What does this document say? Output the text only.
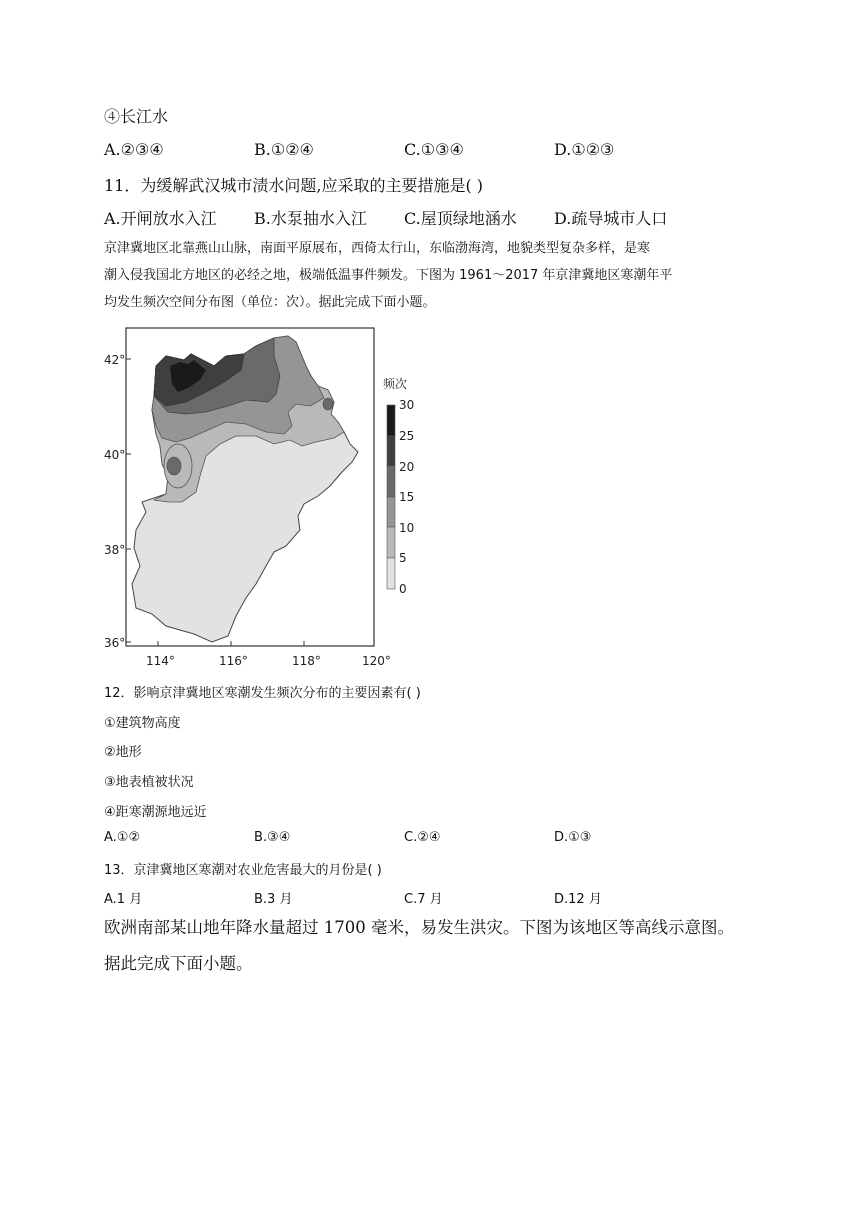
④长江水
A.②③④	B.①②④	C.①③④	D.①②③
11．为缓解武汉城市渍水问题,应采取的主要措施是( )
A.开闸放水入江 B.水泵抽水入江 C.屋顶绿地涵水 D.疏导城市人口
京津冀地区北靠燕山山脉，南面平原展布，西倚太行山，东临渤海湾，地貌类型复杂多样，是寒
潮入侵我国北方地区的必经之地，极端低温事件频发。下图为 1961～2017 年京津冀地区寒潮年平
均发生频次空间分布图（单位：次）。据此完成下面小题。
42°
40°
38°
36°
114°	116°	118°	120°
频次
30
25
20
15
10
5
0
12．影响京津冀地区寒潮发生频次分布的主要因素有( )
①建筑物高度
②地形
③地表植被状况
④距寒潮源地远近
A.①②	B.③④	C.②④	D.①③
13．京津冀地区寒潮对农业危害最大的月份是( )
A.1 月	B.3 月	C.7 月	D.12 月
欧洲南部某山地年降水量超过 1700 毫米，易发生洪灾。下图为该地区等高线示意图。
据此完成下面小题。
